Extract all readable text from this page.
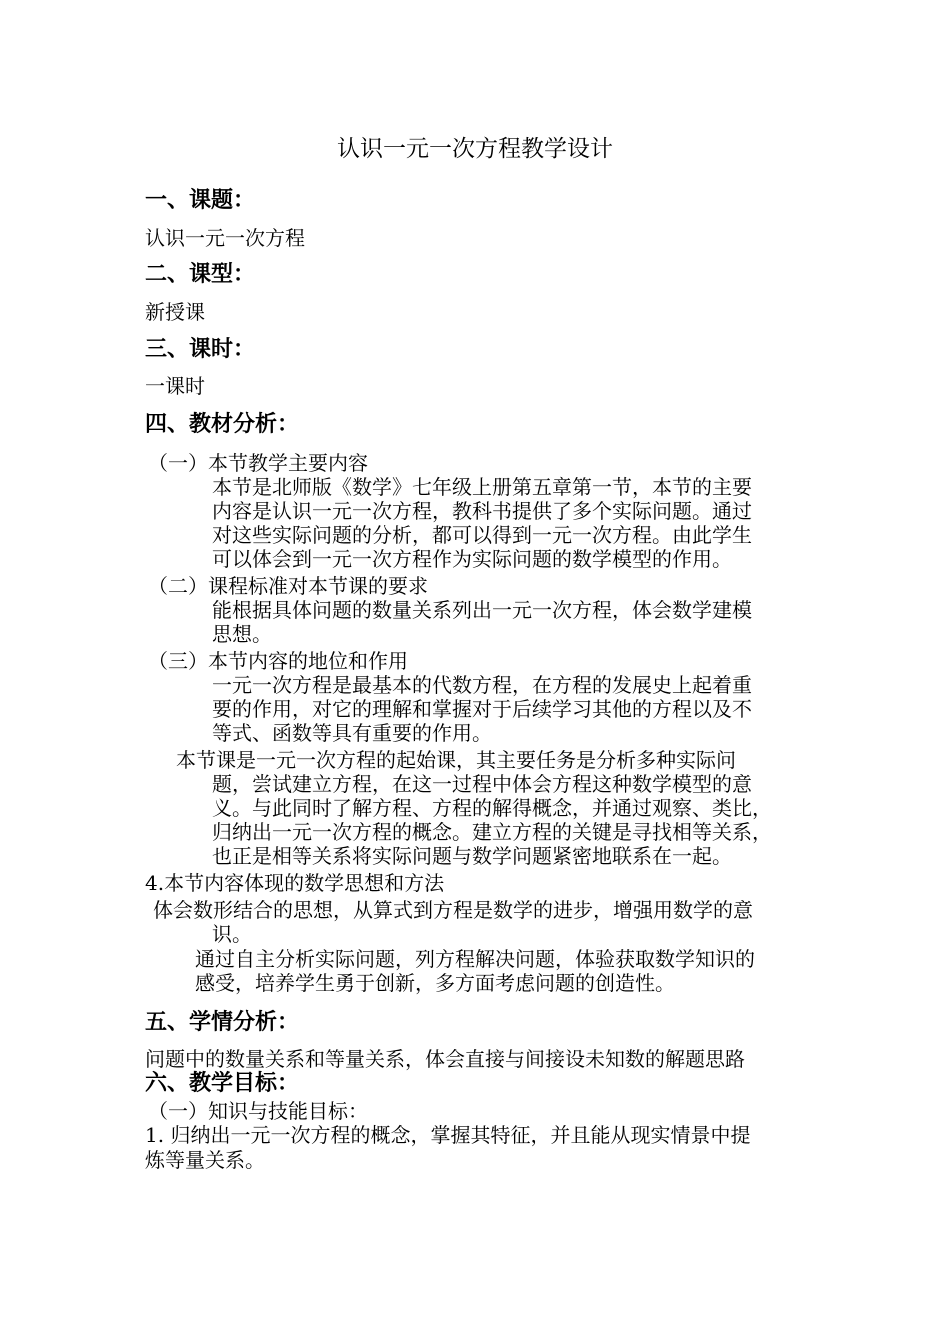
认识一元一次方程教学设计

一、课题：

认识一元一次方程

二、课型：

新授课

三、课时：

一课时

四、教材分析：

（一）本节教学主要内容

本节是北师版《数学》七年级上册第五章第一节，本节的主要

内容是认识一元一次方程，教科书提供了多个实际问题。通过

对这些实际问题的分析，都可以得到一元一次方程。由此学生

可以体会到一元一次方程作为实际问题的数学模型的作用。

（二）课程标准对本节课的要求

能根据具体问题的数量关系列出一元一次方程，体会数学建模

思想。

（三）本节内容的地位和作用

一元一次方程是最基本的代数方程，在方程的发展史上起着重

要的作用，对它的理解和掌握对于后续学习其他的方程以及不

等式、函数等具有重要的作用。

本节课是一元一次方程的起始课，其主要任务是分析多种实际问

题，尝试建立方程，在这一过程中体会方程这种数学模型的意

义。与此同时了解方程、方程的解得概念，并通过观察、类比，

归纳出一元一次方程的概念。建立方程的关键是寻找相等关系，

也正是相等关系将实际问题与数学问题紧密地联系在一起。

4.本节内容体现的数学思想和方法

体会数形结合的思想，从算式到方程是数学的进步，增强用数学的意

识。

通过自主分析实际问题，列方程解决问题，体验获取数学知识的

感受，培养学生勇于创新，多方面考虑问题的创造性。

五、学情分析：

问题中的数量关系和等量关系，体会直接与间接设未知数的解题思路

六、教学目标：

（一）知识与技能目标：

1. 归纳出一元一次方程的概念，掌握其特征，并且能从现实情景中提

炼等量关系。
